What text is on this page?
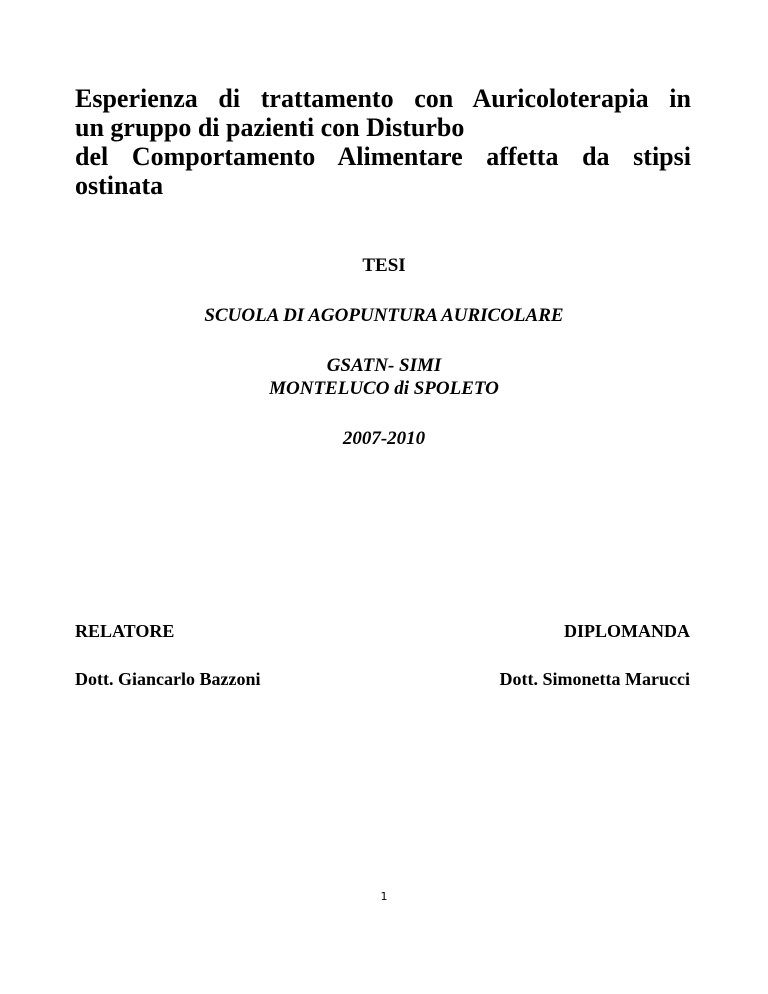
Esperienza di trattamento con Auricoloterapia in
un gruppo di pazienti con Disturbo
del Comportamento Alimentare affetta da stipsi
ostinata
TESI
SCUOLA DI AGOPUNTURA AURICOLARE
GSATN- SIMI
MONTELUCO di SPOLETO
2007-2010
RELATORE	DIPLOMANDA
Dott. Giancarlo Bazzoni	Dott. Simonetta Marucci
1
